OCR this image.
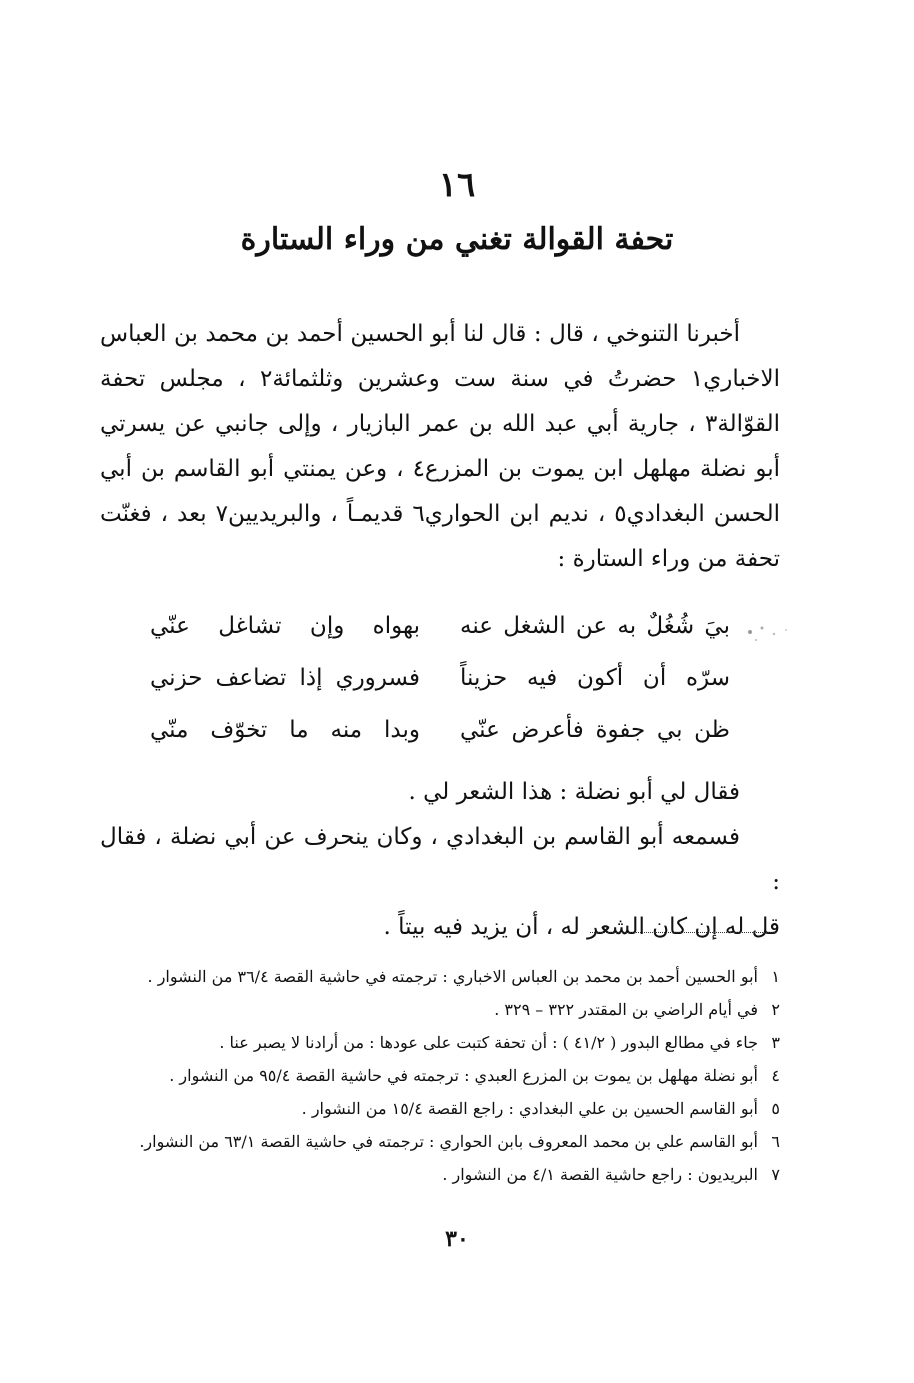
١٦
تحفة القوالة تغني من وراء الستارة

أخبرنا التنوخي ، قال : قال لنا أبو الحسين أحمد بن محمد بن العباس الاخباري١ حضرتُ في سنة ست وعشرين وثلثمائة٢ ، مجلس تحفة القوّالة٣ ، جارية أبي عبد الله بن عمر البازيار ، وإلى جانبي عن يسرتي أبو نضلة مهلهل ابن يموت بن المزرع٤ ، وعن يمنتي أبو القاسم بن أبي الحسن البغدادي٥ ، نديم ابن الحواري٦ قديمـاً ، والبريديين٧ بعد ، فغنّت تحفة من وراء الستارة :

بيَ شُغُلٌ به عن الشغل عنه
بهواه وإن تشاغل عنّي
سرّه أن أكون فيه حزيناً
فسروري إذا تضاعف حزني
ظن بي جفوة فأعرض عنّي
وبدا منه ما تخوّف منّي

فقال لي أبو نضلة : هذا الشعر لي .

فسمعه أبو القاسم بن البغدادي ، وكان ينحرف عن أبي نضلة ، فقال :

قل له إن كان الشعر له ، أن يزيد فيه بيتاً .

١أبو الحسين أحمد بن محمد بن العباس الاخباري : ترجمته في حاشية القصة ٣٦/٤ من النشوار .
٢في أيام الراضي بن المقتدر ٣٢٢ – ٣٢٩ .
٣جاء في مطالع البدور ( ٤١/٢ ) : أن تحفة كتبت على عودها : من أرادنا لا يصبر عنا .
٤أبو نضلة مهلهل بن يموت بن المزرع العبدي : ترجمته في حاشية القصة ٩٥/٤ من النشوار .
٥أبو القاسم الحسين بن علي البغدادي : راجع القصة ١٥/٤ من النشوار .
٦أبو القاسم علي بن محمد المعروف بابن الحواري : ترجمته في حاشية القصة ٦٣/١ من النشوار.
٧البريديون : راجع حاشية القصة ٤/١ من النشوار .
٣٠
